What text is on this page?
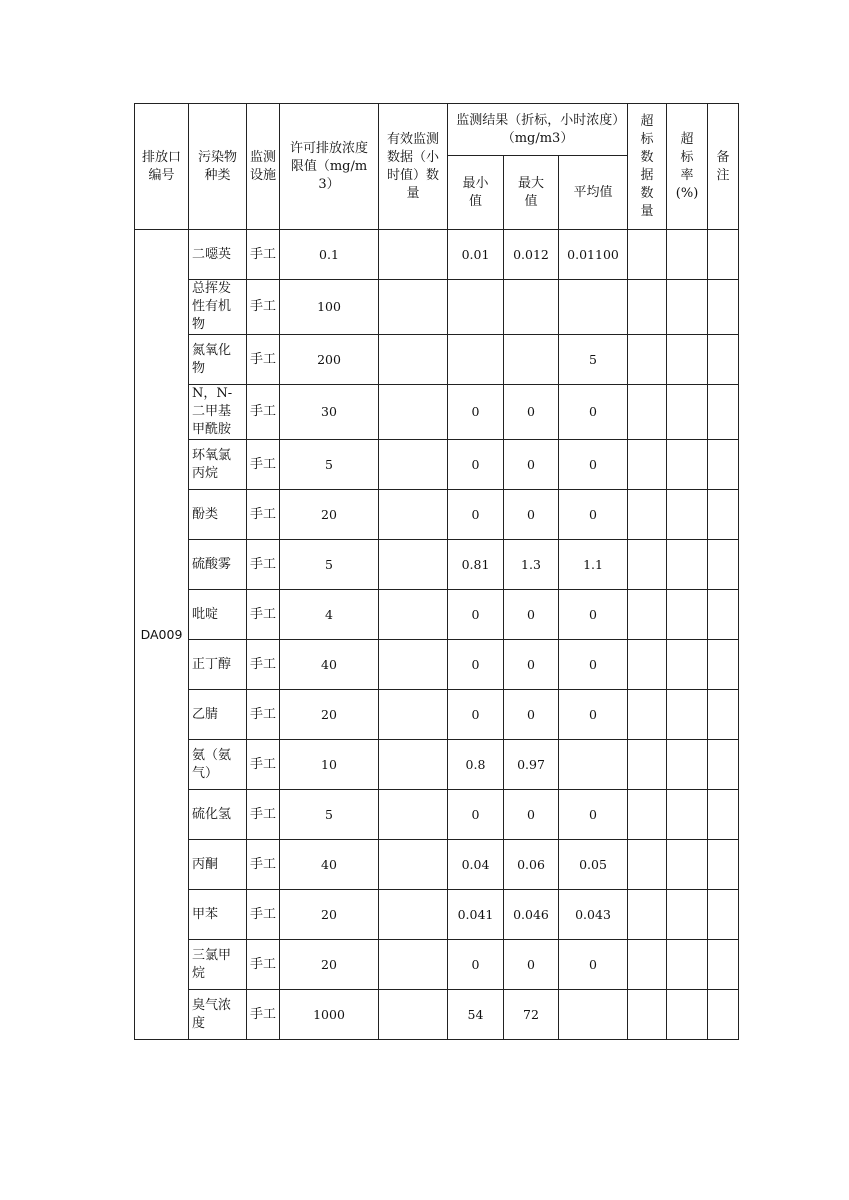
排放口编号	污染物种类	监测设施	许可排放浓度限值（mg/m3）	有效监测数据（小时值）数量	监测结果（折标，小时浓度）（mg/m3）			超标数据数量	超标率(%)	备注
					最小值	最大值	平均值			
DA009	二噁英	手工	0.1		0.01	0.012	0.01100			
	总挥发性有机物	手工	100							
	氮氧化物	手工	200				5			
	N，N-二甲基甲酰胺	手工	30		0	0	0			
	环氧氯丙烷	手工	5		0	0	0			
	酚类	手工	20		0	0	0			
	硫酸雾	手工	5		0.81	1.3	1.1			
	吡啶	手工	4		0	0	0			
	正丁醇	手工	40		0	0	0			
	乙腈	手工	20		0	0	0			
	氨（氨气）	手工	10		0.8	0.97				
	硫化氢	手工	5		0	0	0			
	丙酮	手工	40		0.04	0.06	0.05			
	甲苯	手工	20		0.041	0.046	0.043			
	三氯甲烷	手工	20		0	0	0			
	臭气浓度	手工	1000		54	72				
